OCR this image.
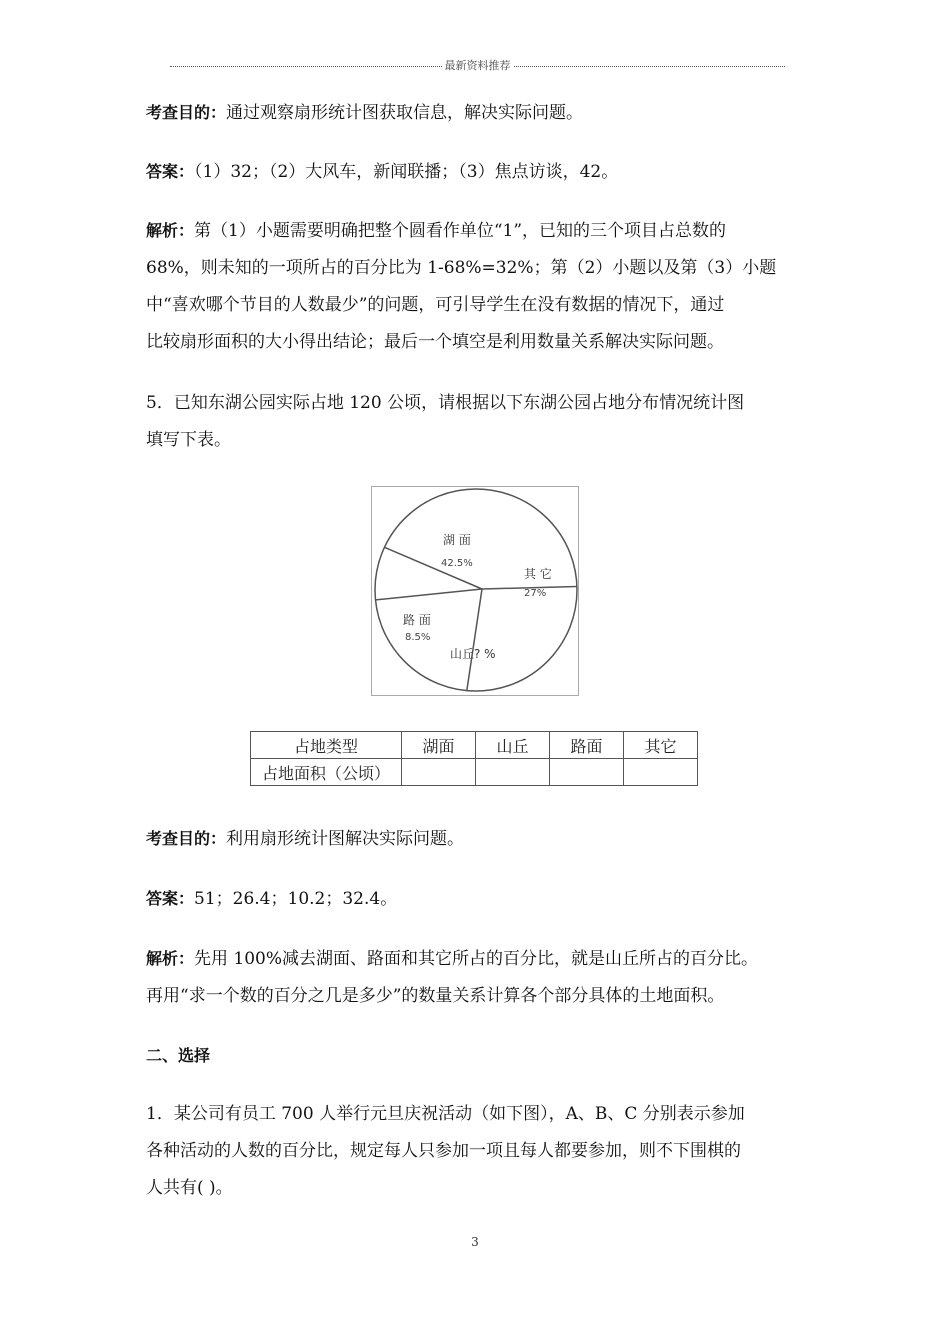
最新资料推荐

考查目的：通过观察扇形统计图获取信息，解决实际问题。

答案：（1）32；（2）大风车，新闻联播；（3）焦点访谈，42。

解析：第（1）小题需要明确把整个圆看作单位“1”，已知的三个项目占总数的
68%，则未知的一项所占的百分比为 1-68%=32%；第（2）小题以及第（3）小题
中“喜欢哪个节目的人数最少”的问题，可引导学生在没有数据的情况下，通过
比较扇形面积的大小得出结论；最后一个填空是利用数量关系解决实际问题。

5．已知东湖公园实际占地 120 公顷，请根据以下东湖公园占地分布情况统计图
填写下表。

湖 面
42.5%
其 它
27%
山丘? %
路 面
8.5%
占地类型	湖面	山丘	路面	其它
占地面积（公顷）				

考查目的：利用扇形统计图解决实际问题。

答案：51；26.4；10.2；32.4。

解析：先用 100%减去湖面、路面和其它所占的百分比，就是山丘所占的百分比。
再用“求一个数的百分之几是多少”的数量关系计算各个部分具体的土地面积。

二、选择

1．某公司有员工 700 人举行元旦庆祝活动（如下图），A、B、C 分别表示参加
各种活动的人数的百分比，规定每人只参加一项且每人都要参加，则不下围棋的
人共有( )。

3
